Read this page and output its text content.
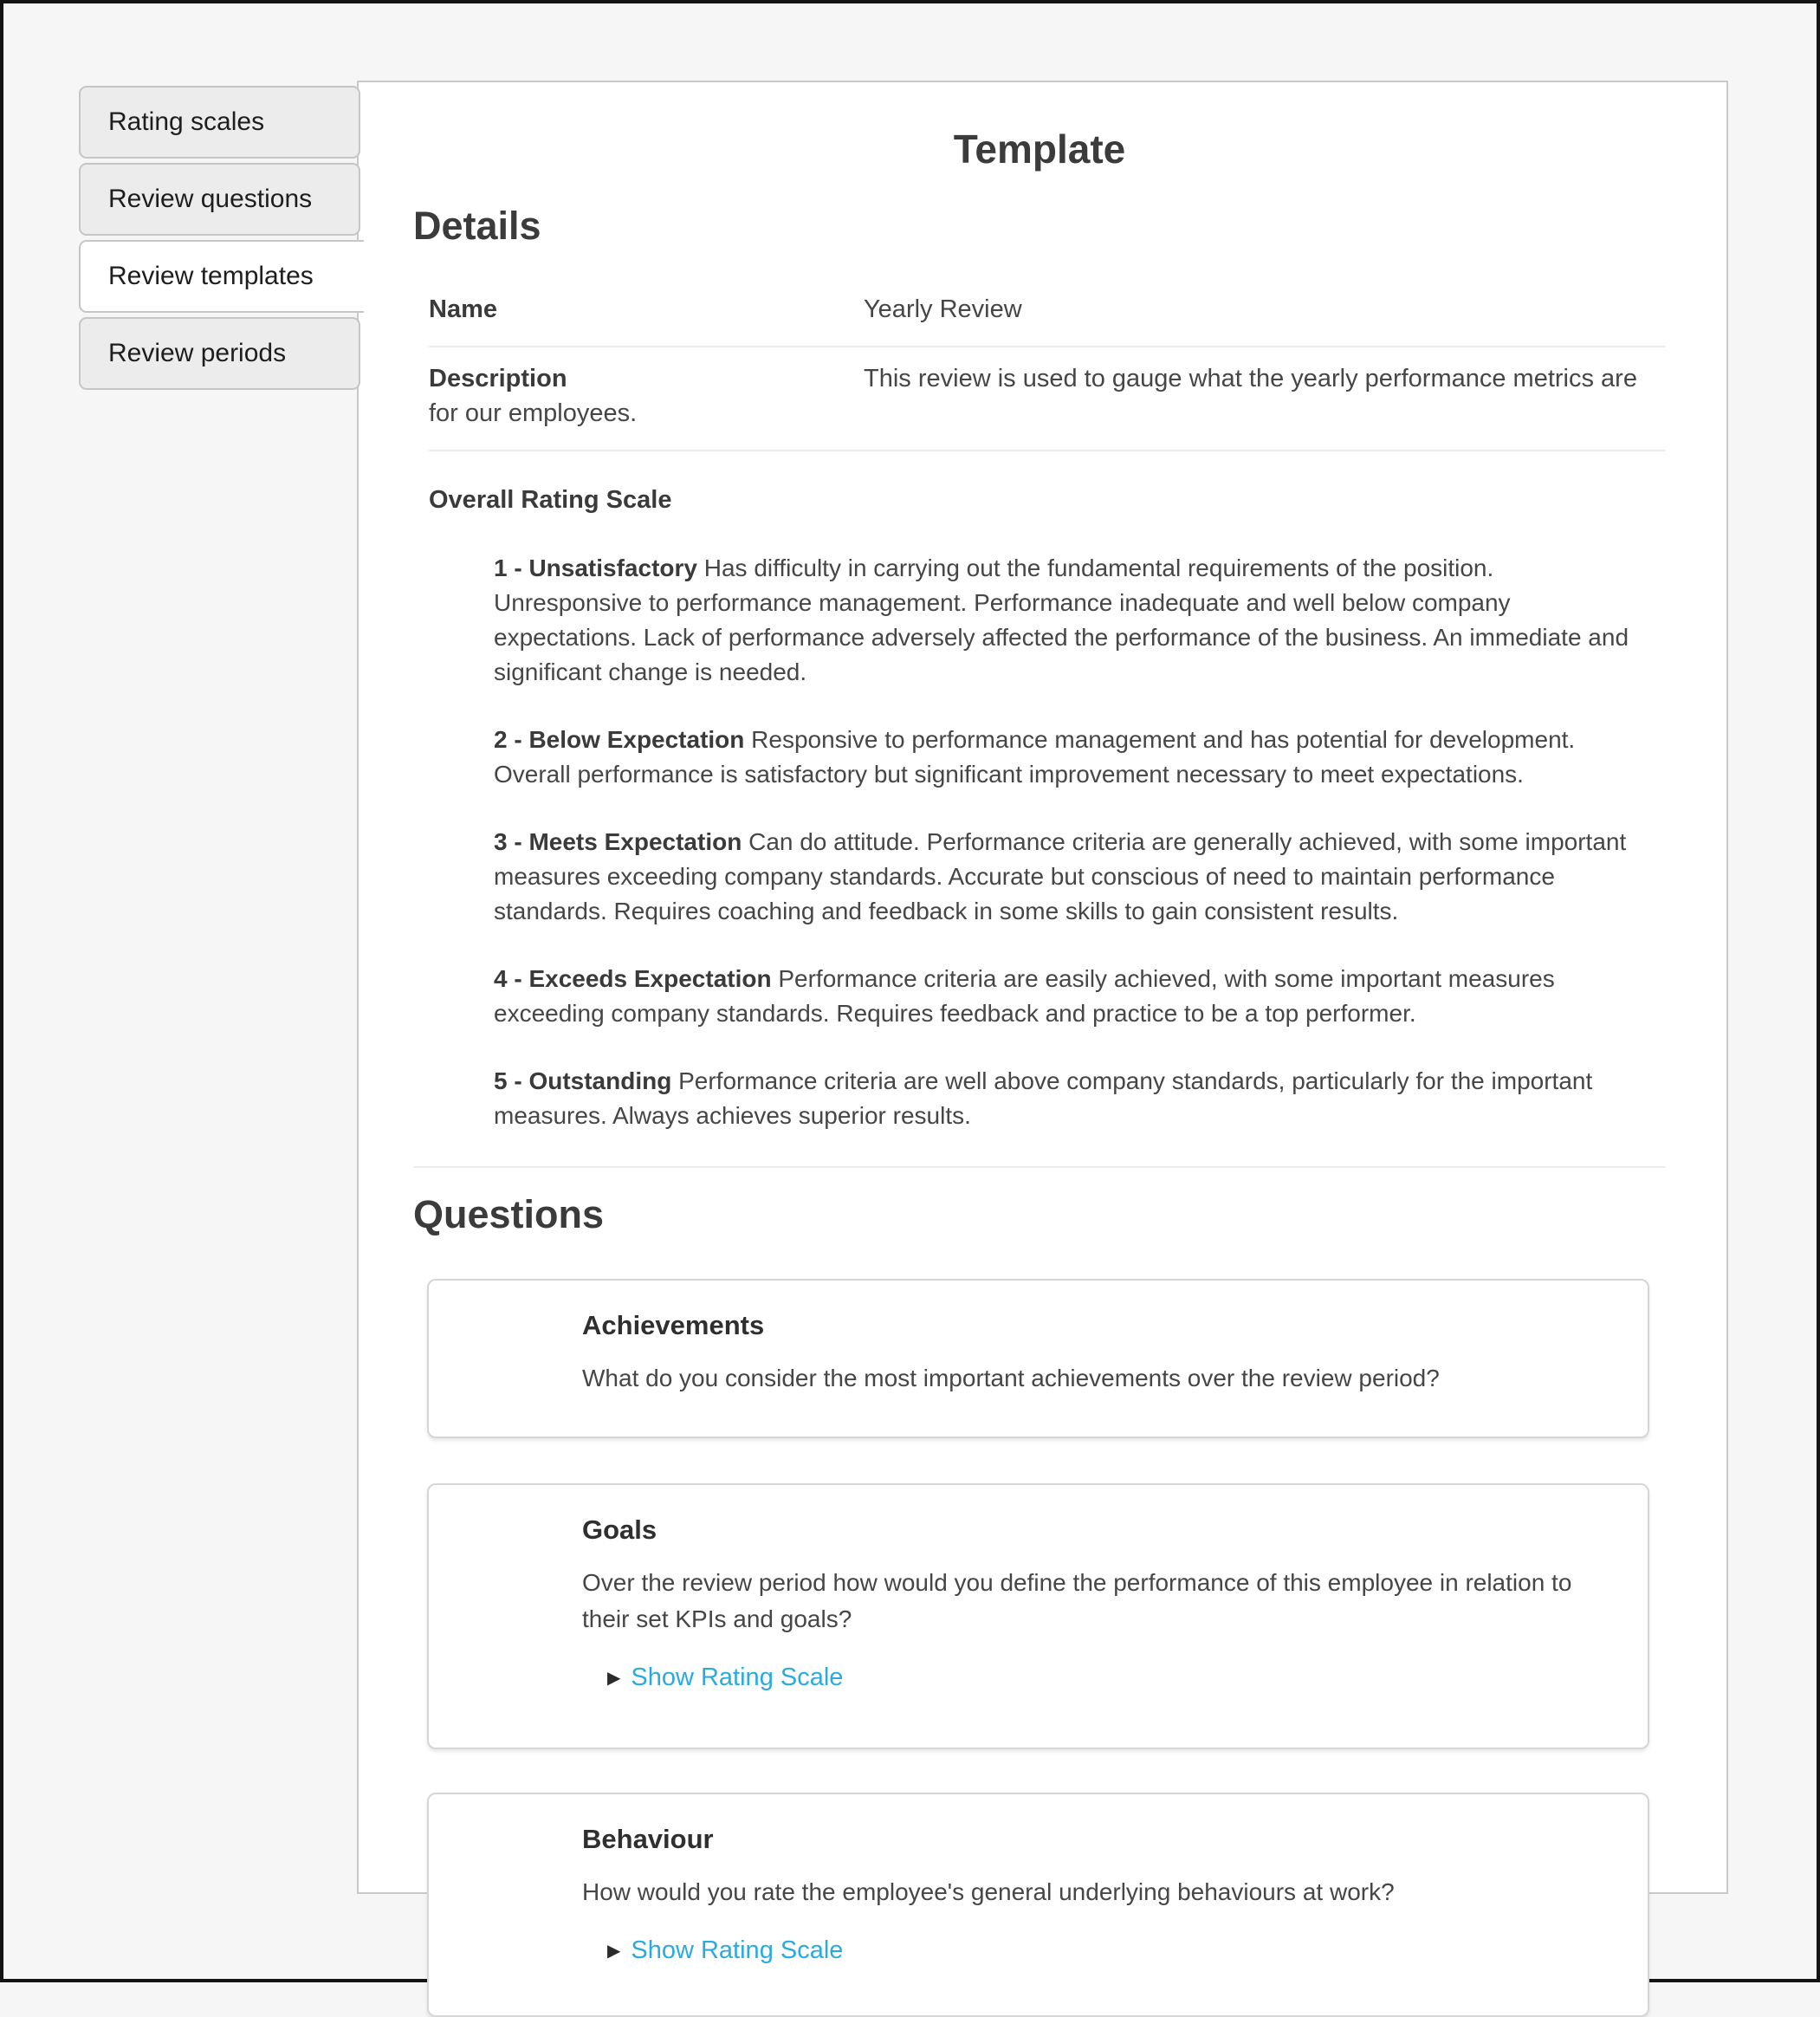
Template
Details
Name	Yearly Review
Description	This review is used to gauge what the yearly performance metrics are for our employees.
Overall Rating Scale

1 - Unsatisfactory Has difficulty in carrying out the fundamental requirements of the position. Unresponsive to performance management. Performance inadequate and well below company expectations. Lack of performance adversely affected the performance of the business. An immediate and significant change is needed.

2 - Below Expectation Responsive to performance management and has potential for development. Overall performance is satisfactory but significant improvement necessary to meet expectations.

3 - Meets Expectation Can do attitude. Performance criteria are generally achieved, with some important measures exceeding company standards. Accurate but conscious of need to maintain performance standards. Requires coaching and feedback in some skills to gain consistent results.

4 - Exceeds Expectation Performance criteria are easily achieved, with some important measures exceeding company standards. Requires feedback and practice to be a top performer.

5 - Outstanding Performance criteria are well above company standards, particularly for the important measures. Always achieves superior results.

Questions
Achievements
What do you consider the most important achievements over the review period?
Goals
Over the review period how would you define the performance of this employee in relation to their set KPIs and goals?
▶ Show Rating Scale
Behaviour
How would you rate the employee's general underlying behaviours at work?
▶ Show Rating Scale
Rating scales
Review questions
Review templates
Review periods
